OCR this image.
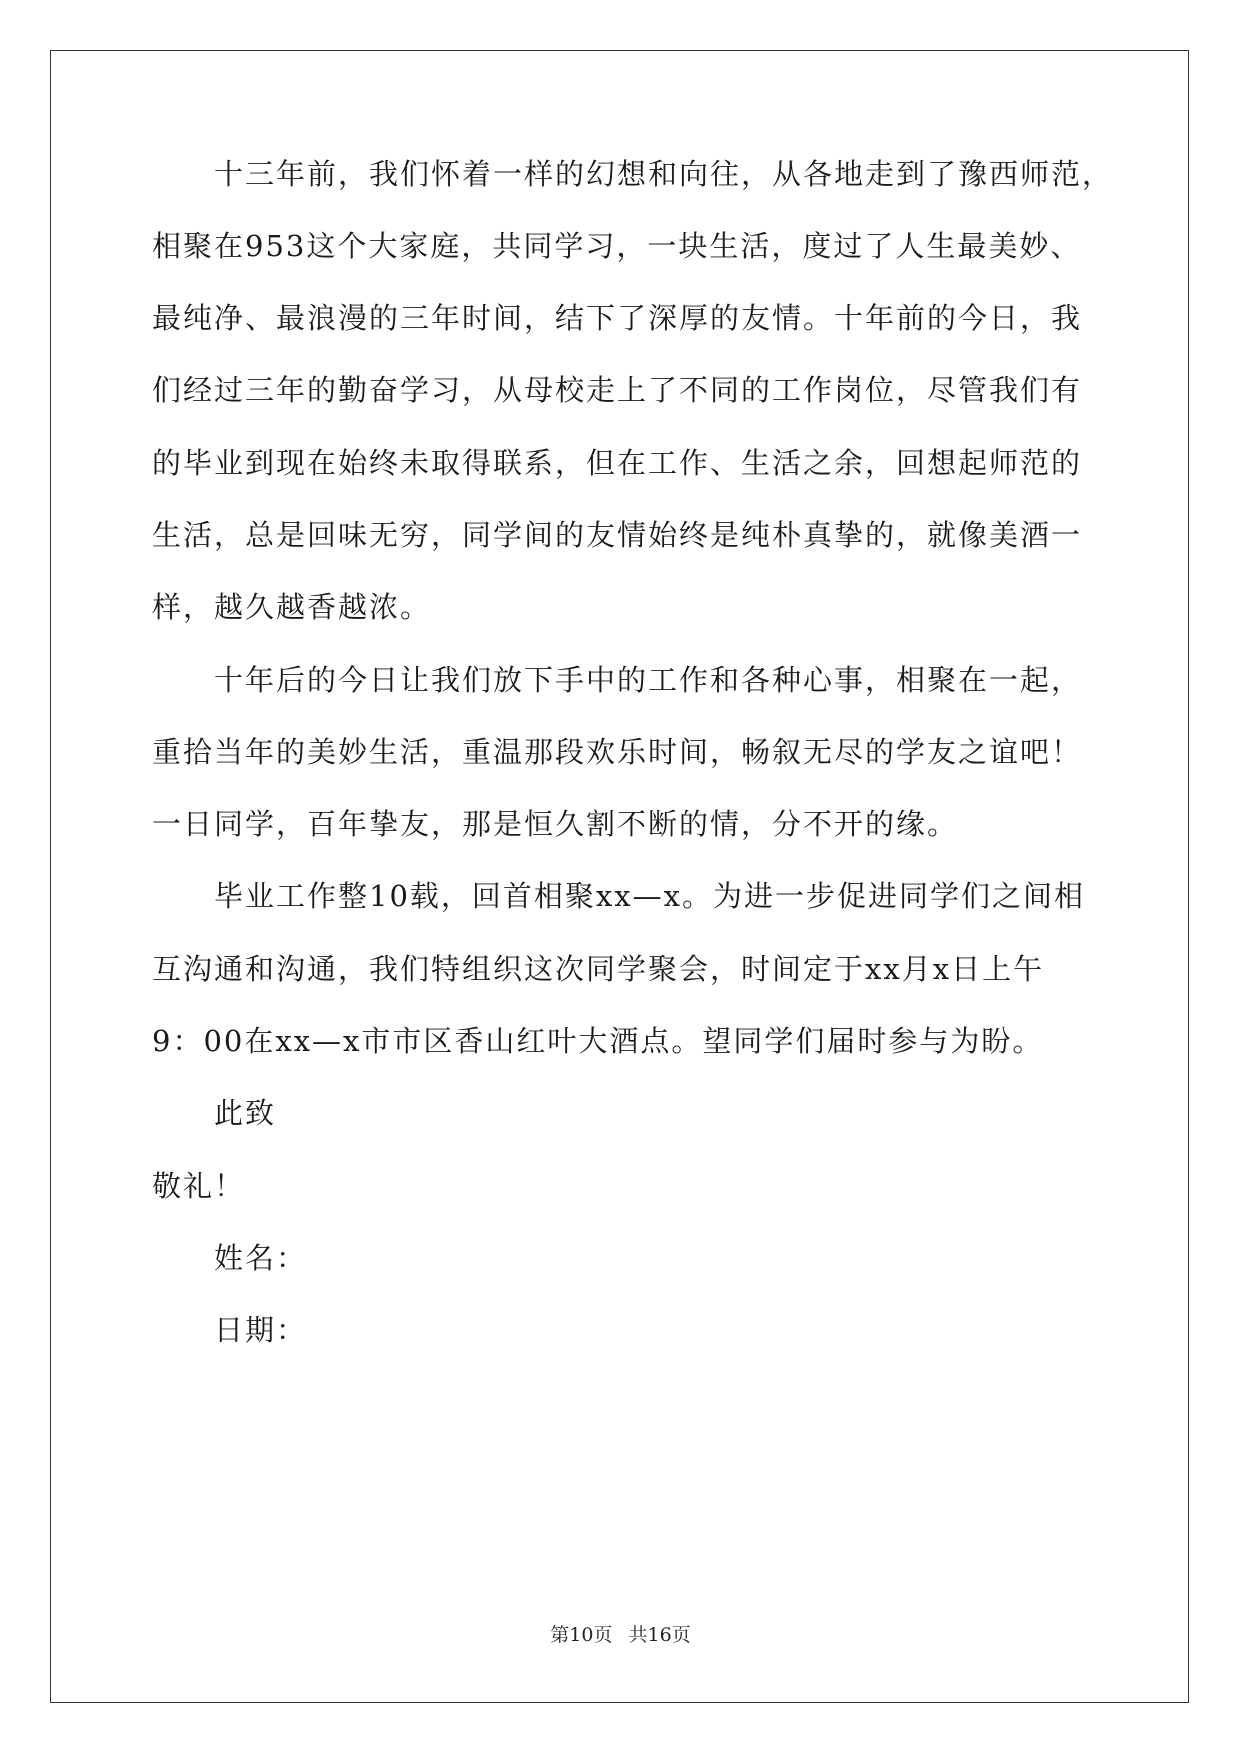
十三年前，我们怀着一样的幻想和向往，从各地走到了豫西师范，
相聚在953这个大家庭，共同学习，一块生活，度过了人生最美妙、
最纯净、最浪漫的三年时间，结下了深厚的友情。十年前的今日，我
们经过三年的勤奋学习，从母校走上了不同的工作岗位，尽管我们有
的毕业到现在始终未取得联系，但在工作、生活之余，回想起师范的
生活，总是回味无穷，同学间的友情始终是纯朴真挚的，就像美酒一
样，越久越香越浓。
十年后的今日让我们放下手中的工作和各种心事，相聚在一起，
重拾当年的美妙生活，重温那段欢乐时间，畅叙无尽的学友之谊吧！
一日同学，百年挚友，那是恒久割不断的情，分不开的缘。
毕业工作整10载，回首相聚xx—x。为进一步促进同学们之间相
互沟通和沟通，我们特组织这次同学聚会，时间定于xx月x日上午
9：00在xx—x市市区香山红叶大酒点。望同学们届时参与为盼。
此致
敬礼！
姓名：
日期：
第10页 共16页
